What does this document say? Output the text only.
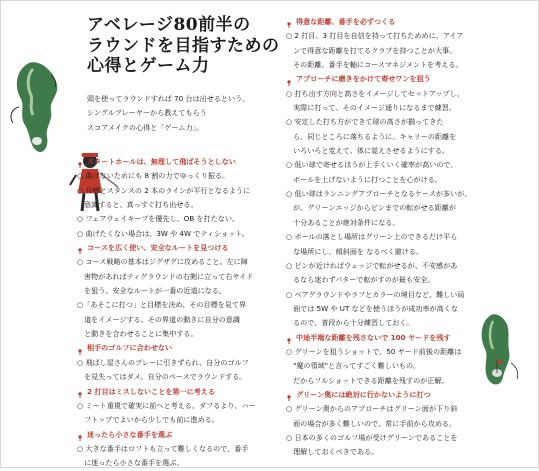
アベレージ80前半の
ラウンドを目指すための
心得とゲーム力
頭を使ってラウンドすれば 70 台は出せるという。
シングルプレーヤーから教えてもらう
スコアメイクの心得と「ゲーム力」。
スタートホールは、無理して飛ばそうとしない
○ 曲げないためにも 8 割の力でゆっくり振る。
○ 目標とスタンスの 2 本のラインが平行となるように
　意識すると、真っすぐ打ち出せる。
○ フェアウェイキープを優先し、OB を打たない。
○ 曲げたくない場合は、3W や 4W でティショット。
コースを広く使い、安全なルートを見つける
○ コース戦略の基本はジグザグに攻めること。左に障
　害物があればティグラウンドの右側に立って右サイド
　を狙う。安全なルートが一番の近道になる。
○「あそこに打つ」と目標を決め、その目標を見て界
　道をイメージする。その界道の動きに自分の意識
　と動きを合わせることに集中する。
相手のゴルフに合わせない
○ 飛ばし屋さんのプレーに引きずられ、自分のゴルフ
　を見失ってはダメ。自分のペースでラウンドする。
2 打目はミスしないことを第一に考える
○ ミート重視で確実に前へと考える。ダフるより、ハー
　フトップでよいから少しでも前に進める。
迷ったら小さな番手を選ぶ
○ 大きな番手はロフトも立って難しくなるので、番手
　に迷ったら小さな番手を選ぶ。
得意な距離、番手を必ずつくる
○ 2 打目、3 打目を自信を持って打ちためめに、アイア
　ンで得意な距離を打てるクラブを持つことが大事。
　その距離、番手を軸にコースマネジメントを考える。
アプローチに磨きをかけて寄せワンを狙う
○ 打ち出す方向と高さをイメージしてセットアップし、
　実際に打って、そのイメージ通りになるまで練習。
○ 安定した打ち方ができて球の高さが揃ってきた
　ら、同じところに落ちるように、キャリーの距離を
　いろいろと変えて、体に覚えさせるようにする。
○ 低い球で寄せるほうが上手くいく確率が高いので、
　ボールを上げないように打つことを心がける。
○ 低い球はランニングアプローチとなるケースが多いが、
　が、グリーンエッジからピンまでの転がせる距離が
　十分あることが絶対条件になる。
○ ボールの落とし場所はグリーン上のできるだけ平ら
　な場所にし、傾斜面を なるべく避ける。
○ ピンが近ければウェッジで転がせるが、不安感があ
　るなら迷わずパターで転がすのが最も安全。
○ ベアグラウンドやラフとカラーの境目など、難しい局
　面では 5W や UT などを使うほうが成功率が高くな
　るので、普段から十分練習しておく。
中途半端な距離を残さないで 100 ヤードを残す
○ グリーンを狙うショットで、50 ヤード前後の距離は
　"魔の領域"と言ってすごく難しいもの。
　だからフルショットできる距離を残すのが正解。
グリーン奥には絶対に行かないように打つ
○ グリーン奥からのアプローチはグリーン面が下り斜
　面の場合が多く難しいので、常に手前から攻める。
○ 日本の多くのゴルフ場が受けグリーンであることを
　理解しておくべきである。
